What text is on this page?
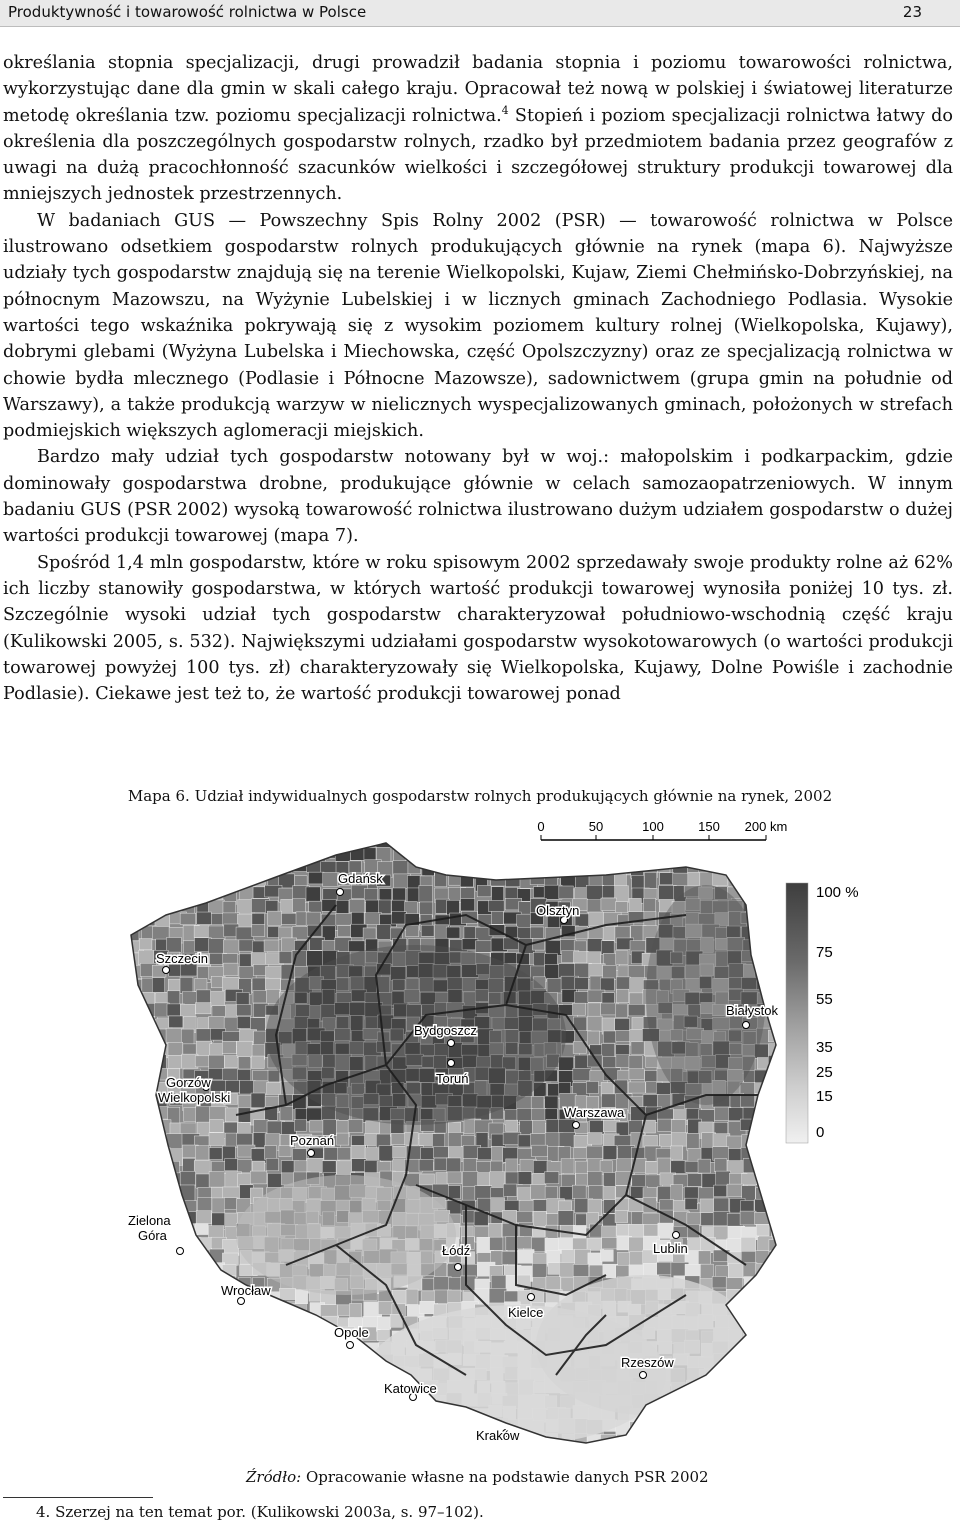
Produktywność i towarowość rolnictwa w Polsce	23

określania stopnia specjalizacji, drugi prowadził badania stopnia i poziomu towarowości rolnictwa, wykorzystując dane dla gmin w skali całego kraju. Opracował też nową w polskiej i światowej literaturze metodę określania tzw. poziomu specjalizacji rolnictwa.$^4$ Stopień i poziom specjalizacji rolnictwa łatwy do określenia dla poszczególnych gospodarstw rolnych, rzadko był przedmiotem badania przez geografów z uwagi na dużą pracochłonność szacunków wielkości i szczegółowej struktury produkcji towarowej dla mniejszych jednostek przestrzennych.

W badaniach GUS — Powszechny Spis Rolny 2002 (PSR) — towarowość rolnictwa w Polsce ilustrowano odsetkiem gospodarstw rolnych produkujących głównie na rynek (mapa 6). Najwyższe udziały tych gospodarstw znajdują się na terenie Wielkopolski, Kujaw, Ziemi Chełmińsko-Dobrzyńskiej, na północnym Mazowszu, na Wyżynie Lubelskiej i w licznych gminach Zachodniego Podlasia. Wysokie wartości tego wskaźnika pokrywają się z wysokim poziomem kultury rolnej (Wielkopolska, Kujawy), dobrymi glebami (Wyżyna Lubelska i Miechowska, część Opolszczyzny) oraz ze specjalizacją rolnictwa w chowie bydła mlecznego (Podlasie i Północne Mazowsze), sadownictwem (grupa gmin na południe od Warszawy), a także produkcją warzyw w nielicznych wyspecjalizowanych gminach, położonych w strefach podmiejskich większych aglomeracji miejskich.

Bardzo mały udział tych gospodarstw notowany był w woj.: małopolskim i podkarpackim, gdzie dominowały gospodarstwa drobne, produkujące głównie w celach samozaopatrzeniowych. W innym badaniu GUS (PSR 2002) wysoką towarowość rolnictwa ilustrowano dużym udziałem gospodarstw o dużej wartości produkcji towarowej (mapa 7).

Spośród 1,4 mln gospodarstw, które w roku spisowym 2002 sprzedawały swoje produkty rolne aż 62% ich liczby stanowiły gospodarstwa, w których wartość produkcji towarowej wynosiła poniżej 10 tys. zł. Szczególnie wysoki udział tych gospodarstw charakteryzował południowo-wschodnią część kraju (Kulikowski 2005, s. 532). Największymi udziałami gospodarstw wysokotowarowych (o wartości produkcji towarowej powyżej 100 tys. zł) charakteryzowały się Wielkopolska, Kujawy, Dolne Powiśle i zachodnie Podlasie). Ciekawe jest też to, że wartość produkcji towarowej ponad

Mapa 6. Udział indywidualnych gospodarstw rolnych produkujących głównie na rynek, 2002
Gdańsk
Olsztyn
Szczecin
Białystok
Bydgoszcz
Toruń
Gorzów Wielkopolski
Poznań
Warszawa
Zielona Góra
Łódź	Lublin
Wrocław
Kielce
Opole
Katowice
Rzeszów
Kraków
0	50	100	150 200 km
100 %
75
55
35
25
15
0
Źródło: Opracowanie własne na podstawie danych PSR 2002
4. Szerzej na ten temat por. (Kulikowski 2003a, s. 97–102).
